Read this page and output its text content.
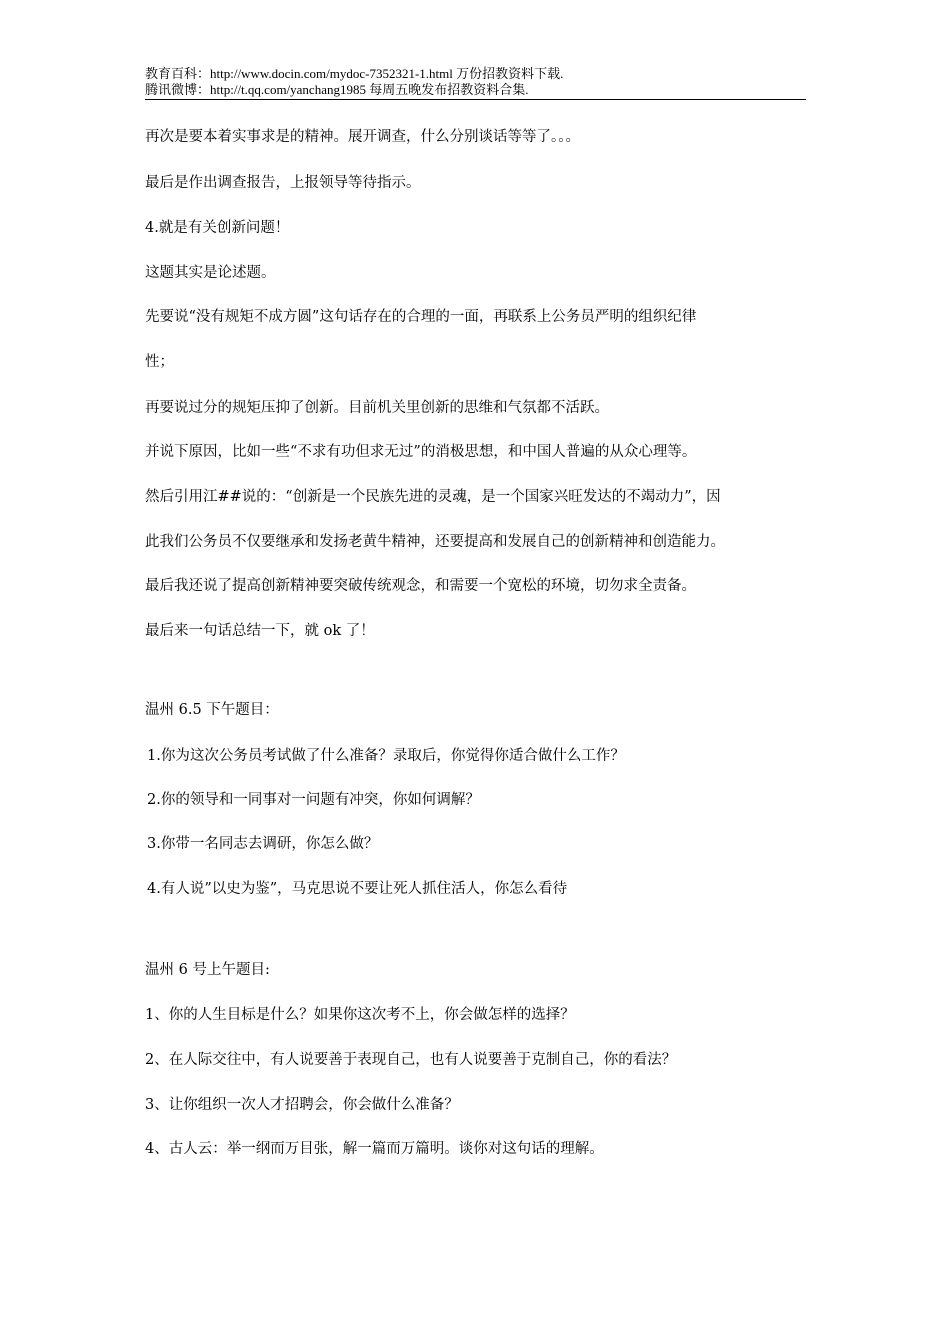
教育百科：http://www.docin.com/mydoc-7352321-1.html 万份招教资料下载.
腾讯微博：http://t.qq.com/yanchang1985 每周五晚发布招教资料合集.
再次是要本着实事求是的精神。展开调查，什么分别谈话等等了。。。
最后是作出调查报告，上报领导等待指示。
4.就是有关创新问题！
这题其实是论述题。
先要说“没有规矩不成方圆”这句话存在的合理的一面，再联系上公务员严明的组织纪律
性；
再要说过分的规矩压抑了创新。目前机关里创新的思维和气氛都不活跃。
并说下原因，比如一些“不求有功但求无过”的消极思想，和中国人普遍的从众心理等。
然后引用江##说的：“创新是一个民族先进的灵魂，是一个国家兴旺发达的不竭动力”，因
此我们公务员不仅要继承和发扬老黄牛精神，还要提高和发展自己的创新精神和创造能力。
最后我还说了提高创新精神要突破传统观念，和需要一个宽松的环境，切勿求全责备。
最后来一句话总结一下，就 ok 了！
温州 6.5 下午题目：
1.你为这次公务员考试做了什么准备？录取后，你觉得你适合做什么工作？
2.你的领导和一同事对一问题有冲突，你如何调解？
3.你带一名同志去调研，你怎么做？
4.有人说”以史为鉴”，马克思说不要让死人抓住活人，你怎么看待
温州 6 号上午题目:
1、你的人生目标是什么？如果你这次考不上，你会做怎样的选择？
2、在人际交往中，有人说要善于表现自己，也有人说要善于克制自己，你的看法？
3、让你组织一次人才招聘会，你会做什么准备？
4、古人云：举一纲而万目张，解一篇而万篇明。谈你对这句话的理解。
